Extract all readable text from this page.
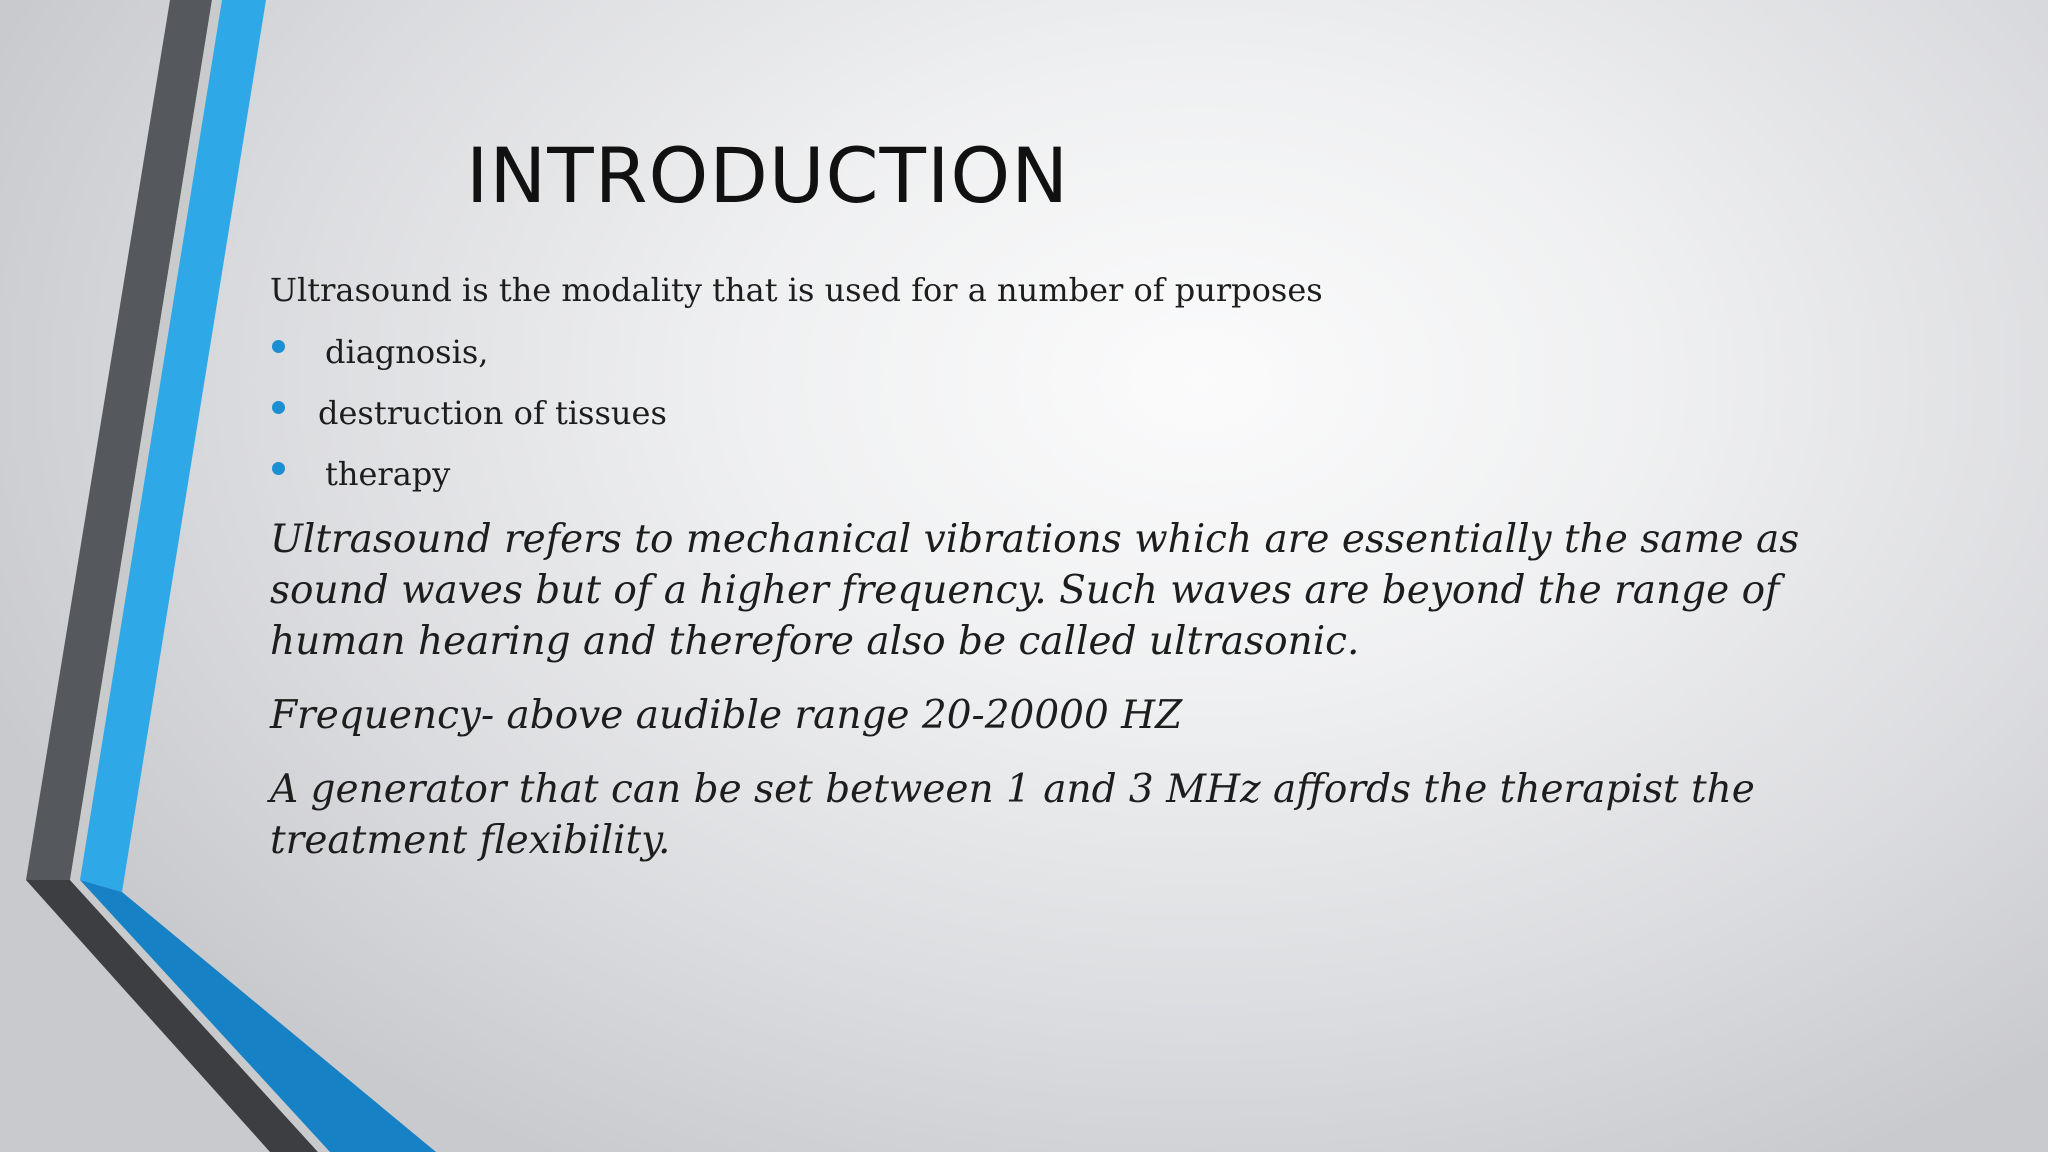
INTRODUCTION
Ultrasound is the modality that is used for a number of purposes
diagnosis,
destruction of tissues
therapy

Ultrasound refers to mechanical vibrations which are essentially the same as sound waves but of a higher frequency. Such waves are beyond the range of human hearing and therefore also be called ultrasonic.

Frequency- above audible range 20-20000 HZ

A generator that can be set between 1 and 3 MHz affords the therapist the treatment flexibility.
